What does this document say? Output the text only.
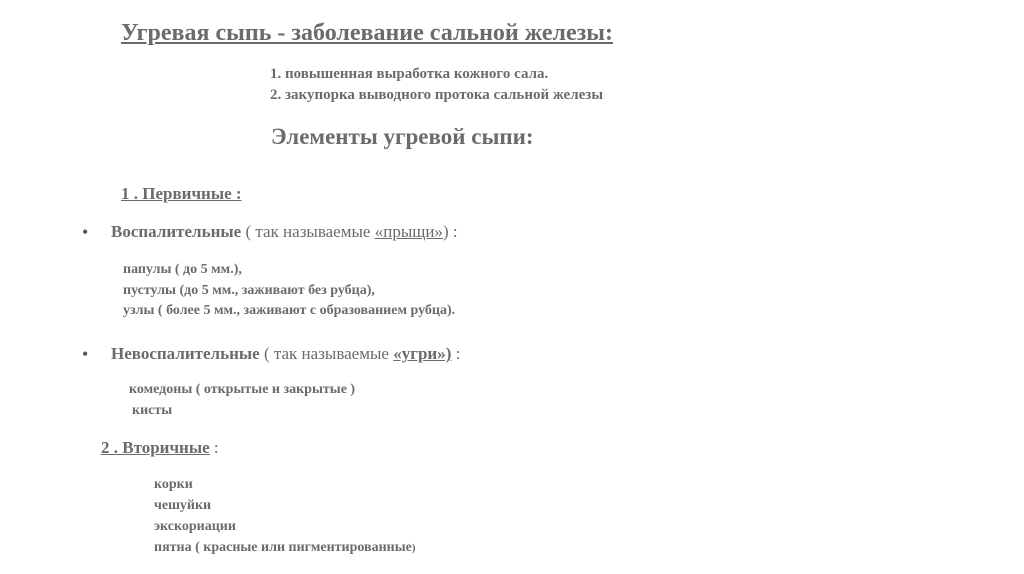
Угревая сыпь - заболевание сальной железы:
1. повышенная выработка кожного сала.
2. закупорка выводного протока сальной железы
Элементы угревой сыпи:
1 . Первичные :
• Воспалительные ( так называемые «прыщи») :
папулы ( до 5 мм.),
пустулы (до 5 мм., заживают без рубца),
узлы ( более 5 мм., заживают с образованием рубца).
• Невоспалительные ( так называемые «угри») :
комедоны ( открытые и закрытые )
кисты
2 . Вторичные :
корки
чешуйки
экскориации
пятна ( красные или пигментированные)
